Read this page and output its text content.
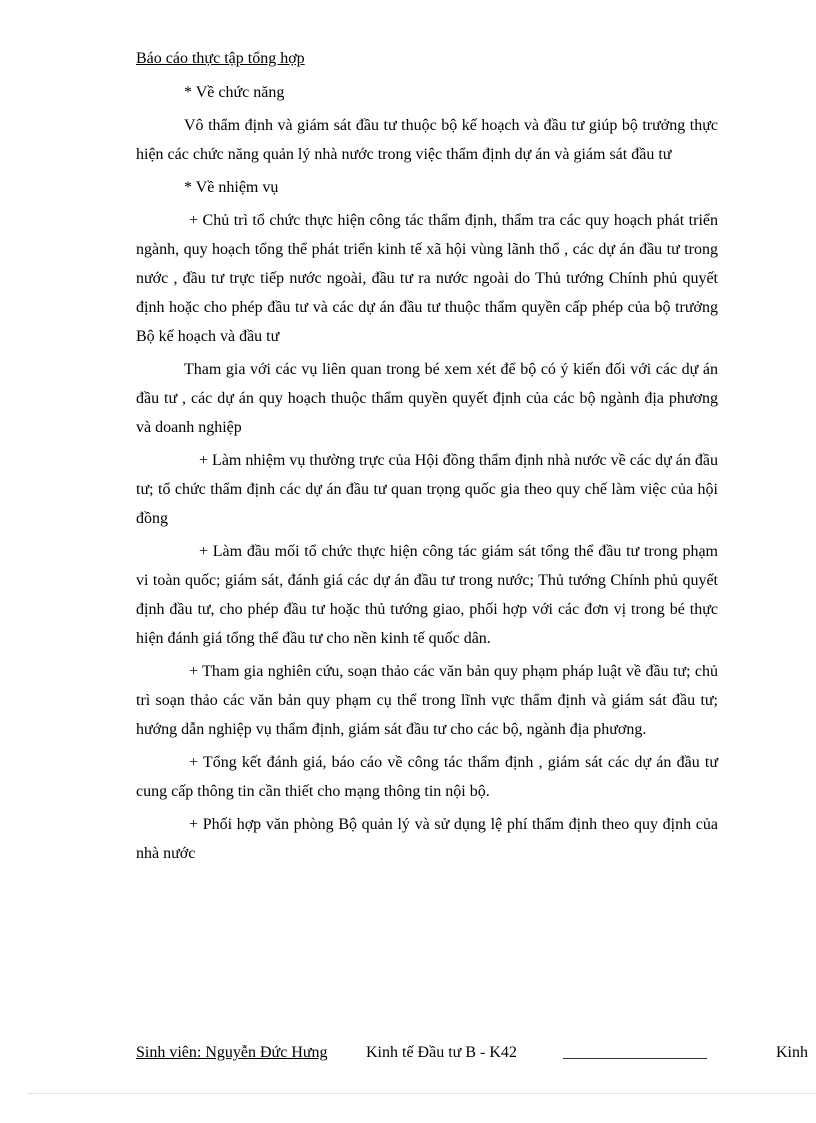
Báo cáo thực tập tổng hợp

* Về chức năng

Vô thẩm định và giám sát đầu tư thuộc bộ kế hoạch và đầu tư giúp bộ trưởng thực hiện các chức năng quản lý nhà nước trong việc thẩm định dự án và giám sát đầu tư

* Về nhiệm vụ

+ Chủ trì tổ chức thực hiện công tác thẩm định, thẩm tra các quy hoạch phát triển ngành, quy hoạch tổng thể phát triển kinh tế xã hội vùng lãnh thổ , các dự án đầu tư trong nước , đầu tư trực tiếp nước ngoài, đầu tư ra nước ngoài do Thủ tướng Chính phủ quyết định hoặc cho phép đầu tư và các dự án đầu tư thuộc thẩm quyền cấp phép của bộ trưởng Bộ kế hoạch và đầu tư

Tham gia với các vụ liên quan trong bé xem xét để bộ có ý kiến đối với các dự án đầu tư , các dự án quy hoạch thuộc thẩm quyền quyết định của các bộ ngành địa phương và doanh nghiệp

+ Làm nhiệm vụ thường trực của Hội đồng thẩm định nhà nước về các dự án đầu tư; tổ chức thẩm định các dự án đầu tư quan trọng quốc gia theo quy chế làm việc của hội đồng

+ Làm đầu mối tổ chức thực hiện công tác giám sát tổng thể đầu tư trong phạm vi toàn quốc; giám sát, đánh giá các dự án đầu tư trong nước; Thủ tướng Chính phủ quyết định đầu tư, cho phép đầu tư hoặc thủ tướng giao, phối hợp với các đơn vị trong bé thực hiện đánh giá tổng thể đầu tư cho nền kinh tế quốc dân.

+ Tham gia nghiên cứu, soạn thảo các văn bản quy phạm pháp luật về đầu tư; chủ trì soạn thảo các văn bản quy phạm cụ thể trong lĩnh vực thẩm định và giám sát đầu tư; hướng dẫn nghiệp vụ thẩm định, giám sát đầu tư cho các bộ, ngành địa phương.

+ Tổng kết đánh giá, báo cáo về công tác thẩm định , giám sát các dự án đầu tư cung cấp thông tin cần thiết cho mạng thông tin nội bộ.

+ Phối hợp văn phòng Bộ quản lý và sử dụng lệ phí thẩm định theo quy định của nhà nước

Sinh viên: Nguyễn Đức Hưng Kinh tế Đầu tư B - K42	__________________	Kinh
